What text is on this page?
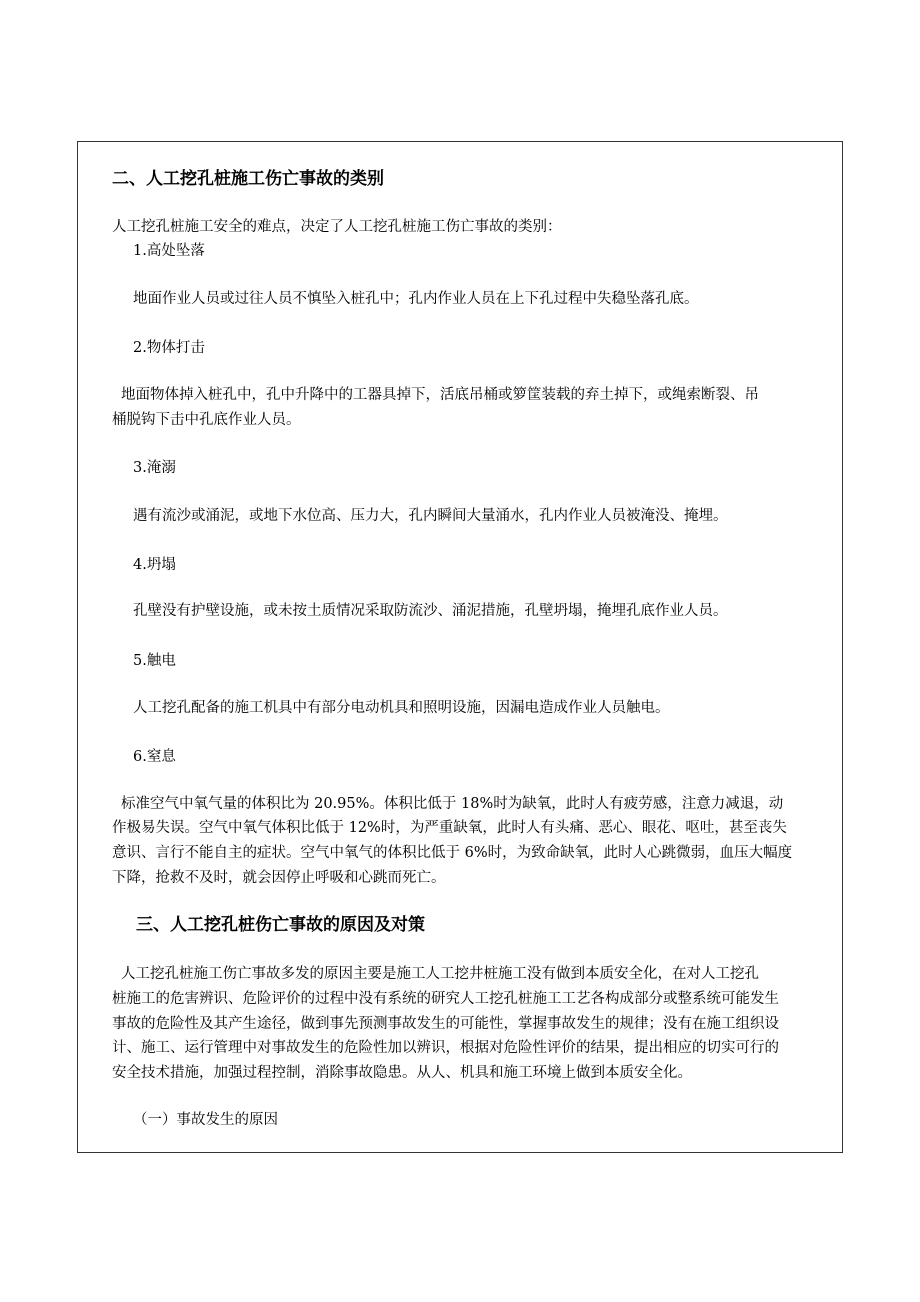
二、人工挖孔桩施工伤亡事故的类别
人工挖孔桩施工安全的难点，决定了人工挖孔桩施工伤亡事故的类别：
1.高处坠落
地面作业人员或过往人员不慎坠入桩孔中；孔内作业人员在上下孔过程中失稳坠落孔底。
2.物体打击
地面物体掉入桩孔中，孔中升降中的工器具掉下，活底吊桶或箩筐装载的弃土掉下，或绳索断裂、吊
桶脱钩下击中孔底作业人员。
3.淹溺
遇有流沙或涌泥，或地下水位高、压力大，孔内瞬间大量涌水，孔内作业人员被淹没、掩埋。
4.坍塌
孔壁没有护壁设施，或未按土质情况采取防流沙、涌泥措施，孔壁坍塌，掩埋孔底作业人员。
5.触电
人工挖孔配备的施工机具中有部分电动机具和照明设施，因漏电造成作业人员触电。
6.窒息
标准空气中氧气量的体积比为 20.95%。体积比低于 18%时为缺氧，此时人有疲劳感，注意力减退，动
作极易失误。空气中氧气体积比低于 12%时，为严重缺氧，此时人有头痛、恶心、眼花、呕吐，甚至丧失
意识、言行不能自主的症状。空气中氧气的体积比低于 6%时，为致命缺氧，此时人心跳微弱，血压大幅度
下降，抢救不及时，就会因停止呼吸和心跳而死亡。
三、人工挖孔桩伤亡事故的原因及对策
人工挖孔桩施工伤亡事故多发的原因主要是施工人工挖井桩施工没有做到本质安全化，在对人工挖孔
桩施工的危害辨识、危险评价的过程中没有系统的研究人工挖孔桩施工工艺各构成部分或整系统可能发生
事故的危险性及其产生途径，做到事先预测事故发生的可能性，掌握事故发生的规律；没有在施工组织设
计、施工、运行管理中对事故发生的危险性加以辨识，根据对危险性评价的结果，提出相应的切实可行的
安全技术措施，加强过程控制，消除事故隐患。从人、机具和施工环境上做到本质安全化。
（一）事故发生的原因
